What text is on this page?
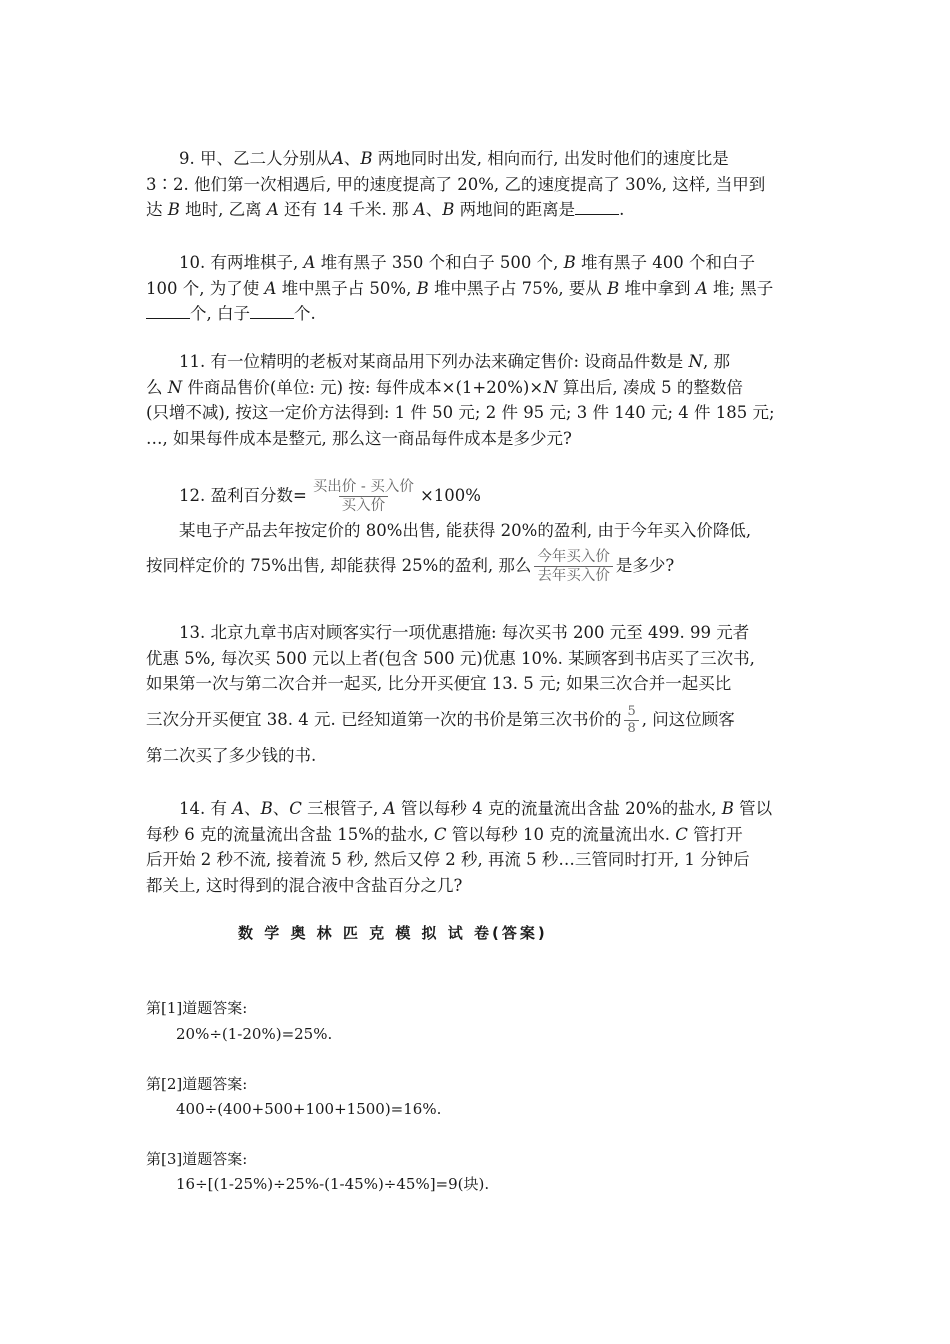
9. 甲、乙二人分别从A、B 两地同时出发, 相向而行, 出发时他们的速度比是
3∶2. 他们第一次相遇后, 甲的速度提高了 20%, 乙的速度提高了 30%, 这样, 当甲到
达 B 地时, 乙离 A 还有 14 千米. 那 A、B 两地间的距离是	.
10. 有两堆棋子, A 堆有黑子 350 个和白子 500 个, B 堆有黑子 400 个和白子
100 个, 为了使 A 堆中黑子占 50%, B 堆中黑子占 75%, 要从 B 堆中拿到 A 堆; 黑子
个, 白子	个.
11. 有一位精明的老板对某商品用下列办法来确定售价: 设商品件数是 N, 那
么 N 件商品售价(单位: 元) 按: 每件成本×(1+20%)×N 算出后, 凑成 5 的整数倍
(只增不减), 按这一定价方法得到: 1 件 50 元; 2 件 95 元; 3 件 140 元; 4 件 185 元;
…, 如果每件成本是整元, 那么这一商品每件成本是多少元?
12. 盈利百分数= $\frac{\text{买出价 - 买入价}}{\text{买入价}} \times 100\%$
某电子产品去年按定价的 80%出售, 能获得 20%的盈利, 由于今年买入价降低,
按同样定价的 75%出售, 却能获得 25%的盈利, 那么 $\frac{\text{今年买入价}}{\text{去年买入价}}$ 是多少?
13. 北京九章书店对顾客实行一项优惠措施: 每次买书 200 元至 499. 99 元者
优惠 5%, 每次买 500 元以上者(包含 500 元)优惠 10%. 某顾客到书店买了三次书,
如果第一次与第二次合并一起买, 比分开买便宜 13. 5 元; 如果三次合并一起买比
三次分开买便宜 38. 4 元. 已经知道第一次的书价是第三次书价的 $\frac{5}{8}$ , 问这位顾客
第二次买了多少钱的书.
14. 有 A、B、C 三根管子, A 管以每秒 4 克的流量流出含盐 20%的盐水, B 管以
每秒 6 克的流量流出含盐 15%的盐水, C 管以每秒 10 克的流量流出水. C 管打开
后开始 2 秒不流, 接着流 5 秒, 然后又停 2 秒, 再流 5 秒…三管同时打开, 1 分钟后
都关上, 这时得到的混合液中含盐百分之几?
数 学 奥 林 匹 克 模 拟 试 卷(答案)
第[1]道题答案:
20%÷(1-20%)=25%.
第[2]道题答案:
400÷(400+500+100+1500)=16%.
第[3]道题答案:
16÷[(1-25%)÷25%-(1-45%)÷45%]=9(块).
